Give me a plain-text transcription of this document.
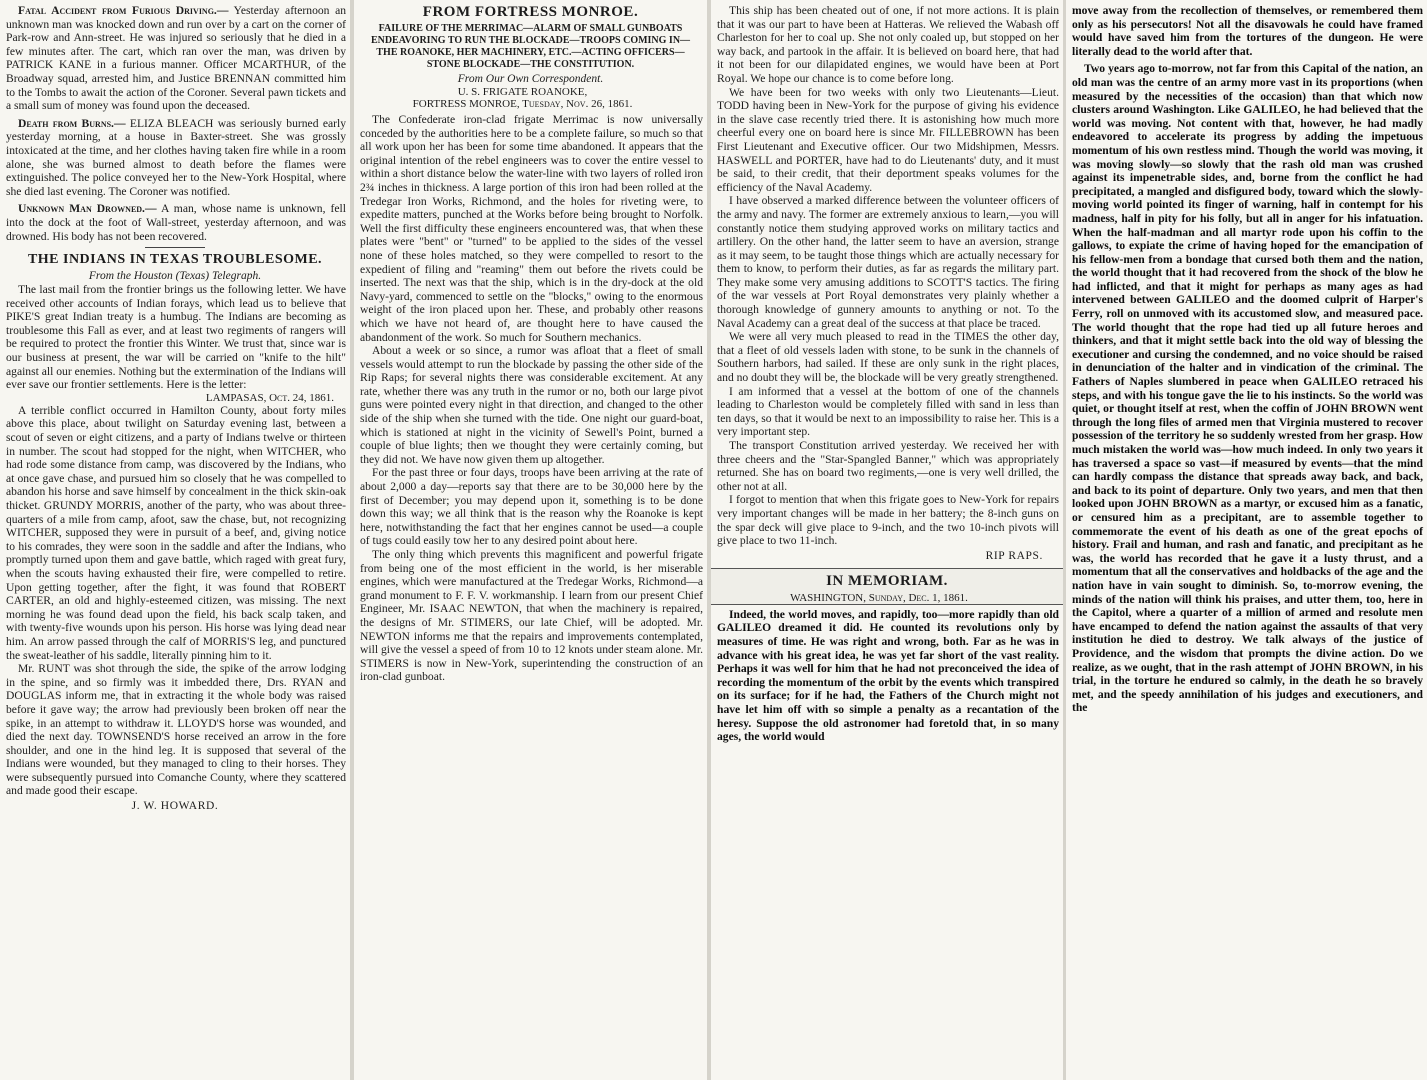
Fatal Accident from Furious Driving.— Yesterday afternoon an unknown man was knocked down and run over by a cart on the corner of Park-row and Ann-street. He was injured so seriously that he died in a few minutes after. The cart, which ran over the man, was driven by PATRICK KANE in a furious manner. Officer MCARTHUR, of the Broadway squad, arrested him, and Justice BRENNAN committed him to the Tombs to await the action of the Coroner. Several pawn tickets and a small sum of money was found upon the deceased.

Death from Burns.— ELIZA BLEACH was seriously burned early yesterday morning, at a house in Baxter-street. She was grossly intoxicated at the time, and her clothes having taken fire while in a room alone, she was burned almost to death before the flames were extinguished. The police conveyed her to the New-York Hospital, where she died last evening. The Coroner was notified.

Unknown Man Drowned.— A man, whose name is unknown, fell into the dock at the foot of Wall-street, yesterday afternoon, and was drowned. His body has not been recovered.

THE INDIANS IN TEXAS TROUBLESOME.
From the Houston (Texas) Telegraph.

The last mail from the frontier brings us the following letter. We have received other accounts of Indian forays, which lead us to believe that PIKE'S great Indian treaty is a humbug. The Indians are becoming as troublesome this Fall as ever, and at least two regiments of rangers will be required to protect the frontier this Winter. We trust that, since war is our business at present, the war will be carried on "knife to the hilt" against all our enemies. Nothing but the extermination of the Indians will ever save our frontier settlements. Here is the letter:

LAMPASAS, Oct. 24, 1861.

A terrible conflict occurred in Hamilton County, about forty miles above this place, about twilight on Saturday evening last, between a scout of seven or eight citizens, and a party of Indians twelve or thirteen in number. The scout had stopped for the night, when WITCHER, who had rode some distance from camp, was discovered by the Indians, who at once gave chase, and pursued him so closely that he was compelled to abandon his horse and save himself by concealment in the thick skin-oak thicket. GRUNDY MORRIS, another of the party, who was about three-quarters of a mile from camp, afoot, saw the chase, but, not recognizing WITCHER, supposed they were in pursuit of a beef, and, giving notice to his comrades, they were soon in the saddle and after the Indians, who promptly turned upon them and gave battle, which raged with great fury, when the scouts having exhausted their fire, were compelled to retire. Upon getting together, after the fight, it was found that ROBERT CARTER, an old and highly-esteemed citizen, was missing. The next morning he was found dead upon the field, his back scalp taken, and with twenty-five wounds upon his person. His horse was lying dead near him. An arrow passed through the calf of MORRIS'S leg, and punctured the sweat-leather of his saddle, literally pinning him to it.

Mr. RUNT was shot through the side, the spike of the arrow lodging in the spine, and so firmly was it imbedded there, Drs. RYAN and DOUGLAS inform me, that in extracting it the whole body was raised before it gave way; the arrow had previously been broken off near the spike, in an attempt to withdraw it. LLOYD'S horse was wounded, and died the next day. TOWNSEND'S horse received an arrow in the fore shoulder, and one in the hind leg. It is supposed that several of the Indians were wounded, but they managed to cling to their horses. They were subsequently pursued into Comanche County, where they scattered and made good their escape.

J. W. HOWARD.

FROM FORTRESS MONROE.
FAILURE OF THE MERRIMAC—ALARM OF SMALL GUNBOATS ENDEAVORING TO RUN THE BLOCKADE—TROOPS COMING IN—THE ROANOKE, HER MACHINERY, ETC.—ACTING OFFICERS—STONE BLOCKADE—THE CONSTITUTION.
From Our Own Correspondent.

U. S. FRIGATE ROANOKE,

FORTRESS MONROE, Tuesday, Nov. 26, 1861.

The Confederate iron-clad frigate Merrimac is now universally conceded by the authorities here to be a complete failure, so much so that all work upon her has been for some time abandoned. It appears that the original intention of the rebel engineers was to cover the entire vessel to within a short distance below the water-line with two layers of rolled iron 2¾ inches in thickness. A large portion of this iron had been rolled at the Tredegar Iron Works, Richmond, and the holes for riveting were, to expedite matters, punched at the Works before being brought to Norfolk. Well the first difficulty these engineers encountered was, that when these plates were "bent" or "turned" to be applied to the sides of the vessel none of these holes matched, so they were compelled to resort to the expedient of filing and "reaming" them out before the rivets could be inserted. The next was that the ship, which is in the dry-dock at the old Navy-yard, commenced to settle on the "blocks," owing to the enormous weight of the iron placed upon her. These, and probably other reasons which we have not heard of, are thought here to have caused the abandonment of the work. So much for Southern mechanics.

About a week or so since, a rumor was afloat that a fleet of small vessels would attempt to run the blockade by passing the other side of the Rip Raps; for several nights there was considerable excitement. At any rate, whether there was any truth in the rumor or no, both our large pivot guns were pointed every night in that direction, and changed to the other side of the ship when she turned with the tide. One night our guard-boat, which is stationed at night in the vicinity of Sewell's Point, burned a couple of blue lights; then we thought they were certainly coming, but they did not. We have now given them up altogether.

For the past three or four days, troops have been arriving at the rate of about 2,000 a day—reports say that there are to be 30,000 here by the first of December; you may depend upon it, something is to be done down this way; we all think that is the reason why the Roanoke is kept here, notwithstanding the fact that her engines cannot be used—a couple of tugs could easily tow her to any desired point about here.

The only thing which prevents this magnificent and powerful frigate from being one of the most efficient in the world, is her miserable engines, which were manufactured at the Tredegar Works, Richmond—a grand monument to F. F. V. workmanship. I learn from our present Chief Engineer, Mr. ISAAC NEWTON, that when the machinery is repaired, the designs of Mr. STIMERS, our late Chief, will be adopted. Mr. NEWTON informs me that the repairs and improvements contemplated, will give the vessel a speed of from 10 to 12 knots under steam alone. Mr. STIMERS is now in New-York, superintending the construction of an iron-clad gunboat.

This ship has been cheated out of one, if not more actions. It is plain that it was our part to have been at Hatteras. We relieved the Wabash off Charleston for her to coal up. She not only coaled up, but stopped on her way back, and partook in the affair. It is believed on board here, that had it not been for our dilapidated engines, we would have been at Port Royal. We hope our chance is to come before long.

We have been for two weeks with only two Lieutenants—Lieut. TODD having been in New-York for the purpose of giving his evidence in the slave case recently tried there. It is astonishing how much more cheerful every one on board here is since Mr. FILLEBROWN has been First Lieutenant and Executive officer. Our two Midshipmen, Messrs. HASWELL and PORTER, have had to do Lieutenants' duty, and it must be said, to their credit, that their deportment speaks volumes for the efficiency of the Naval Academy.

I have observed a marked difference between the volunteer officers of the army and navy. The former are extremely anxious to learn,—you will constantly notice them studying approved works on military tactics and artillery. On the other hand, the latter seem to have an aversion, strange as it may seem, to be taught those things which are actually necessary for them to know, to perform their duties, as far as regards the military part. They make some very amusing additions to SCOTT'S tactics. The firing of the war vessels at Port Royal demonstrates very plainly whether a thorough knowledge of gunnery amounts to anything or not. To the Naval Academy can a great deal of the success at that place be traced.

We were all very much pleased to read in the TIMES the other day, that a fleet of old vessels laden with stone, to be sunk in the channels of Southern harbors, had sailed. If these are only sunk in the right places, and no doubt they will be, the blockade will be very greatly strengthened.

I am informed that a vessel at the bottom of one of the channels leading to Charleston would be completely filled with sand in less than ten days, so that it would be next to an impossibility to raise her. This is a very important step.

The transport Constitution arrived yesterday. We received her with three cheers and the "Star-Spangled Banner," which was appropriately returned. She has on board two regiments,—one is very well drilled, the other not at all.

I forgot to mention that when this frigate goes to New-York for repairs very important changes will be made in her battery; the 8-inch guns on the spar deck will give place to 9-inch, and the two 10-inch pivots will give place to two 11-inch.

RIP RAPS.

IN MEMORIAM.

WASHINGTON, Sunday, Dec. 1, 1861.

Indeed, the world moves, and rapidly, too—more rapidly than old GALILEO dreamed it did. He counted its revolutions only by measures of time. He was right and wrong, both. Far as he was in advance with his great idea, he was yet far short of the vast reality. Perhaps it was well for him that he had not preconceived the idea of recording the momentum of the orbit by the events which transpired on its surface; for if he had, the Fathers of the Church might not have let him off with so simple a penalty as a recantation of the heresy. Suppose the old astronomer had foretold that, in so many ages, the world would

move away from the recollection of themselves, or remembered them only as his persecutors! Not all the disavowals he could have framed would have saved him from the tortures of the dungeon. He were literally dead to the world after that.

Two years ago to-morrow, not far from this Capital of the nation, an old man was the centre of an army more vast in its proportions (when measured by the necessities of the occasion) than that which now clusters around Washington. Like GALILEO, he had believed that the world was moving. Not content with that, however, he had madly endeavored to accelerate its progress by adding the impetuous momentum of his own restless mind. Though the world was moving, it was moving slowly—so slowly that the rash old man was crushed against its impenetrable sides, and, borne from the conflict he had precipitated, a mangled and disfigured body, toward which the slowly-moving world pointed its finger of warning, half in contempt for his madness, half in pity for his folly, but all in anger for his infatuation. When the half-madman and all martyr rode upon his coffin to the gallows, to expiate the crime of having hoped for the emancipation of his fellow-men from a bondage that cursed both them and the nation, the world thought that it had recovered from the shock of the blow he had inflicted, and that it might for perhaps as many ages as had intervened between GALILEO and the doomed culprit of Harper's Ferry, roll on unmoved with its accustomed slow, and measured pace. The world thought that the rope had tied up all future heroes and thinkers, and that it might settle back into the old way of blessing the executioner and cursing the condemned, and no voice should be raised in denunciation of the halter and in vindication of the criminal. The Fathers of Naples slumbered in peace when GALILEO retraced his steps, and with his tongue gave the lie to his instincts. So the world was quiet, or thought itself at rest, when the coffin of JOHN BROWN went through the long files of armed men that Virginia mustered to recover possession of the territory he so suddenly wrested from her grasp. How much mistaken the world was—how much indeed. In only two years it has traversed a space so vast—if measured by events—that the mind can hardly compass the distance that spreads away back, and back, and back to its point of departure. Only two years, and men that then looked upon JOHN BROWN as a martyr, or excused him as a fanatic, or censured him as a precipitant, are to assemble together to commemorate the event of his death as one of the great epochs of history. Frail and human, and rash and fanatic, and precipitant as he was, the world has recorded that he gave it a lusty thrust, and a momentum that all the conservatives and holdbacks of the age and the nation have in vain sought to diminish. So, to-morrow evening, the minds of the nation will think his praises, and utter them, too, here in the Capitol, where a quarter of a million of armed and resolute men have encamped to defend the nation against the assaults of that very institution he died to destroy. We talk always of the justice of Providence, and the wisdom that prompts the divine action. Do we realize, as we ought, that in the rash attempt of JOHN BROWN, in his trial, in the torture he endured so calmly, in the death he so bravely met, and the speedy annihilation of his judges and executioners, and the
